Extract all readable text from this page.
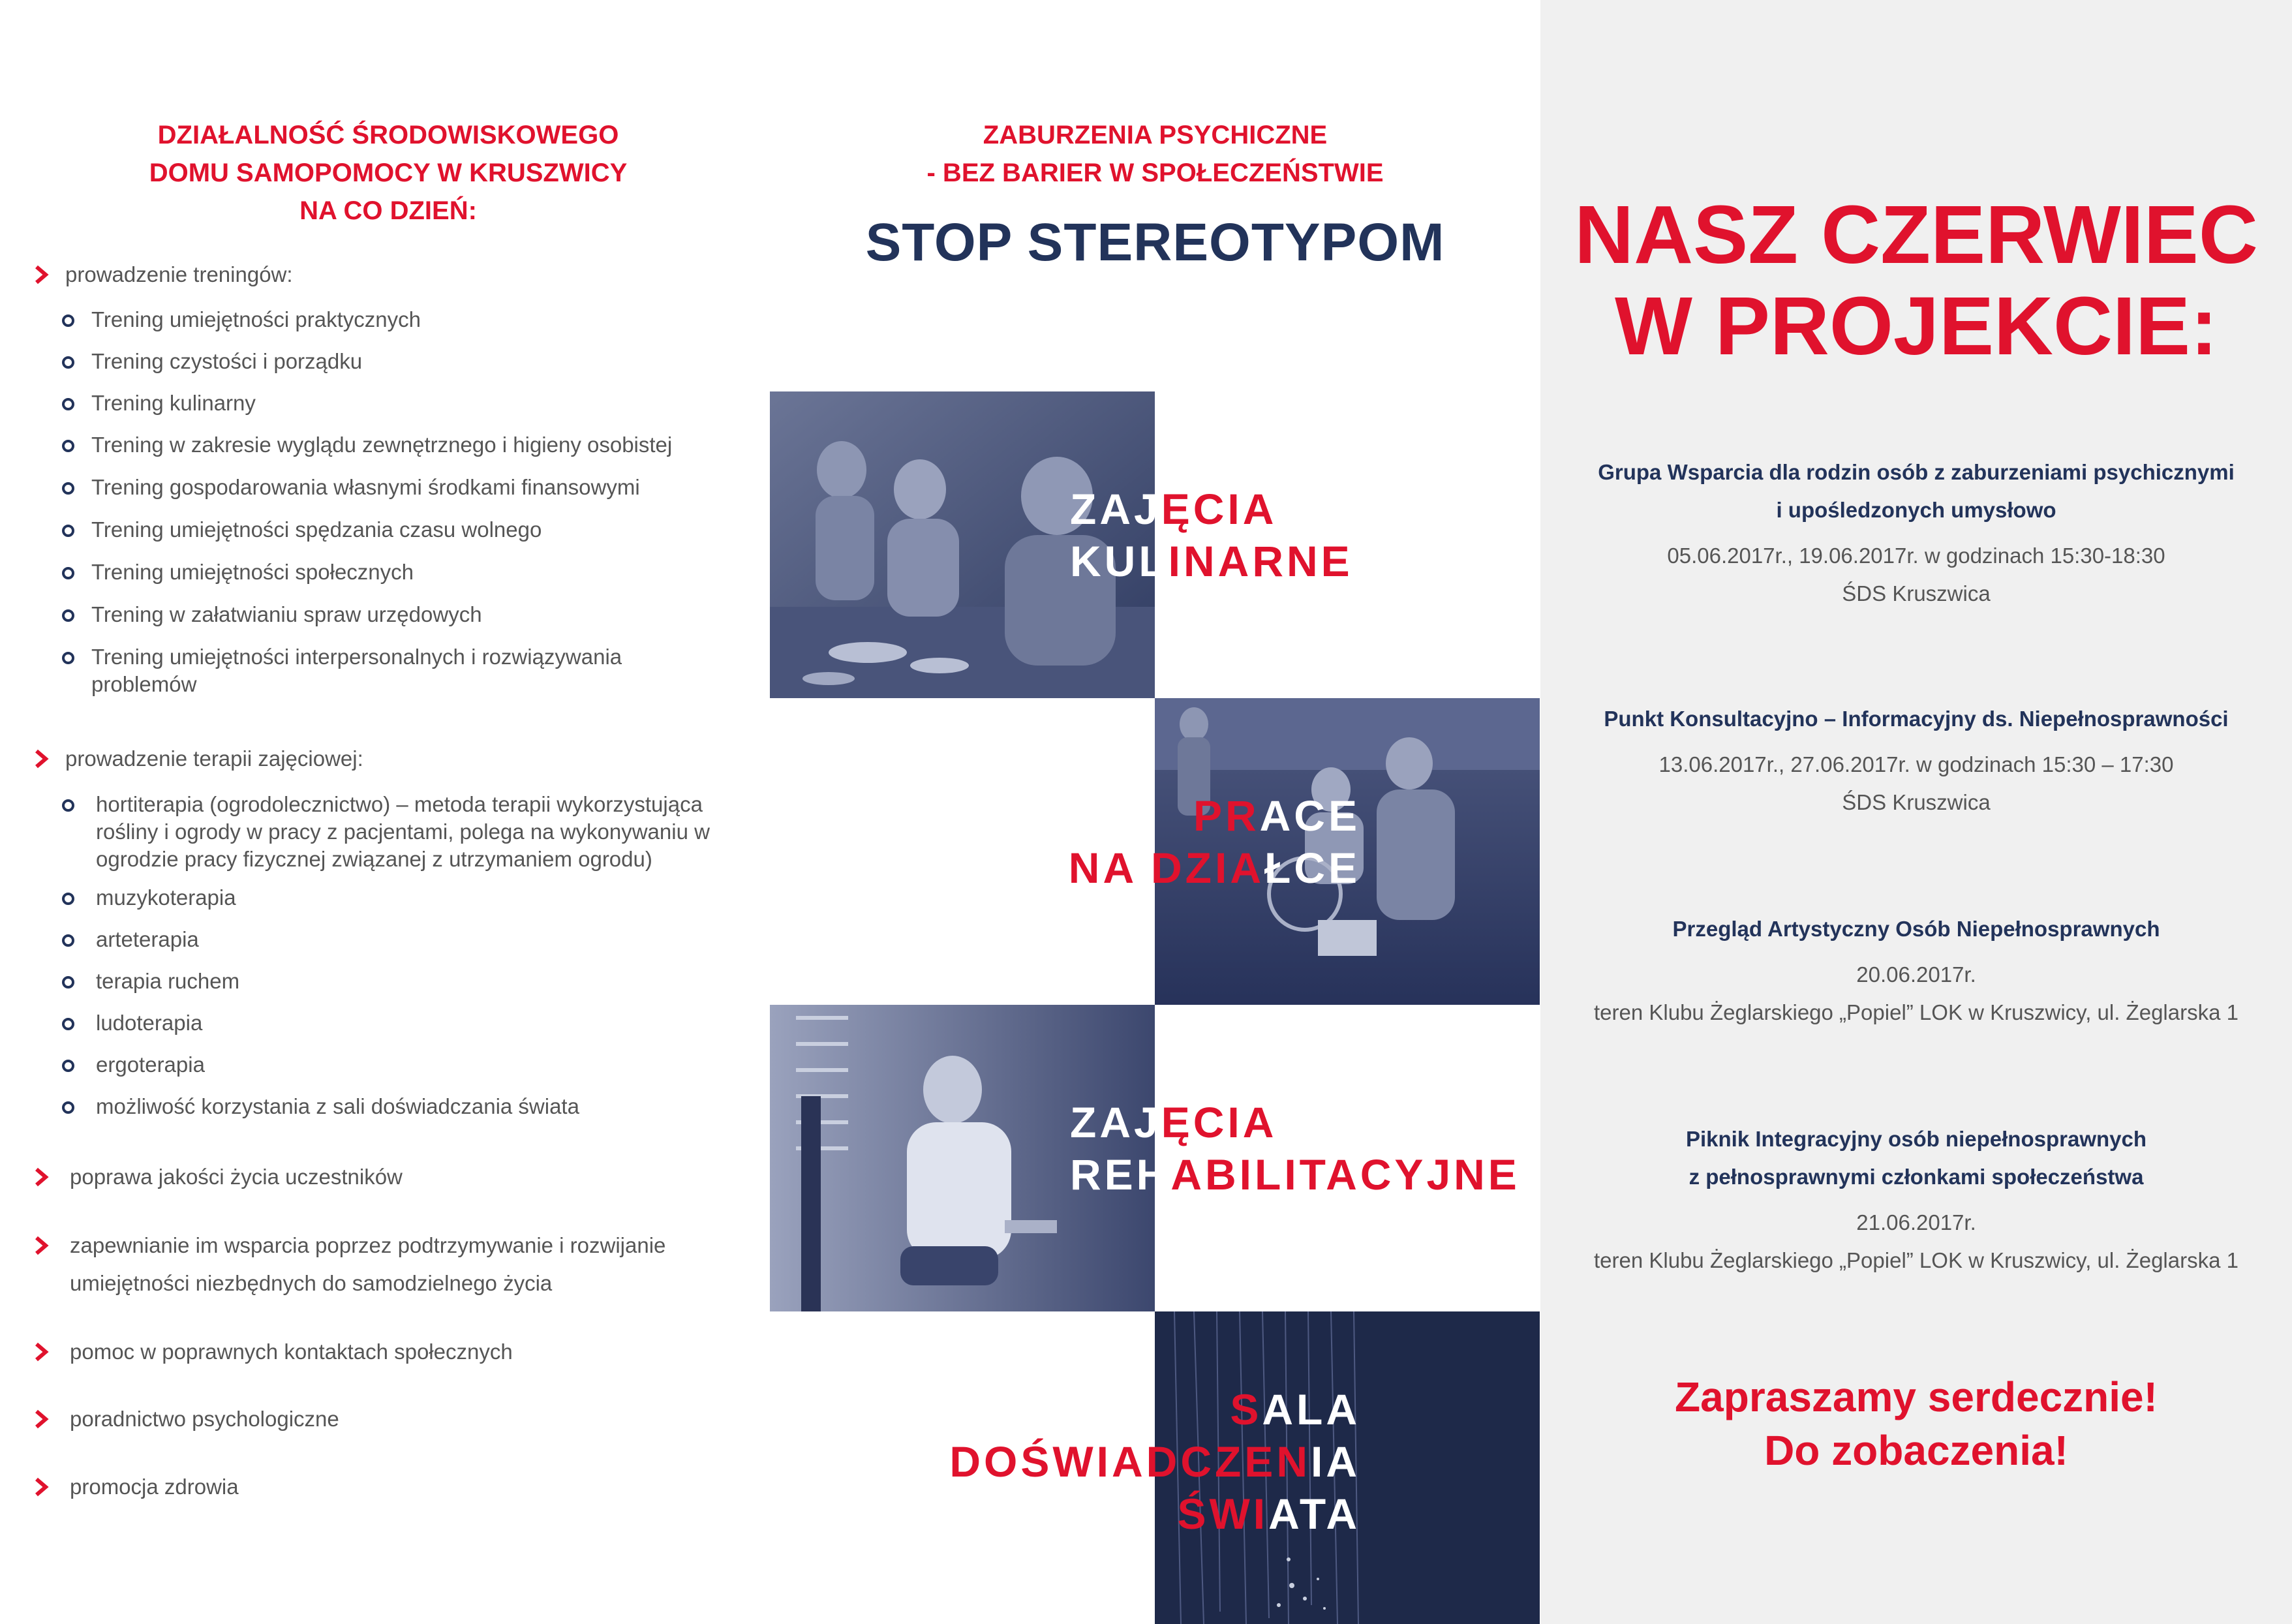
DZIAŁALNOŚĆ ŚRODOWISKOWEGO
DOMU SAMOPOMOCY W KRUSZWICY
NA CO DZIEŃ:
prowadzenie treningów:
Trening umiejętności praktycznych
Trening czystości i porządku
Trening kulinarny
Trening w zakresie wyglądu zewnętrznego i higieny osobistej
Trening gospodarowania własnymi środkami finansowymi
Trening umiejętności spędzania czasu wolnego
Trening umiejętności społecznych
Trening w załatwianiu spraw urzędowych
Trening umiejętności interpersonalnych i rozwiązywania problemów
prowadzenie terapii zajęciowej:
hortiterapia (ogrodolecznictwo) – metoda terapii wykorzystująca rośliny i ogrody w pracy z pacjentami, polega na wykonywaniu w ogrodzie pracy fizycznej związanej z utrzymaniem ogrodu)
muzykoterapia
arteterapia
terapia ruchem
ludoterapia
ergoterapia
możliwość korzystania z sali doświadczania świata
poprawa jakości życia uczestników
zapewnianie im wsparcia poprzez podtrzymywanie i rozwijanie umiejętności niezbędnych do samodzielnego życia
pomoc w poprawnych kontaktach społecznych
poradnictwo psychologiczne
promocja zdrowia
ZABURZENIA PSYCHICZNE
- BEZ BARIER W SPOŁECZEŃSTWIE
STOP STEREOTYPOM
ZAJĘCIA
KULINARNE
PRACE
NA DZIAŁCE
ZAJĘCIA
REHABILITACYJNE
SALA
DOŚWIADCZENIA
ŚWIATA
NASZ CZERWIEC
W PROJEKCIE:
Grupa Wsparcia dla rodzin osób z zaburzeniami psychicznymi
i upośledzonych umysłowo
05.06.2017r., 19.06.2017r. w godzinach 15:30-18:30
ŚDS Kruszwica
Punkt Konsultacyjno – Informacyjny ds. Niepełnosprawności
13.06.2017r., 27.06.2017r. w godzinach 15:30 – 17:30
ŚDS Kruszwica
Przegląd Artystyczny Osób Niepełnosprawnych
20.06.2017r.
teren Klubu Żeglarskiego „Popiel” LOK w Kruszwicy, ul. Żeglarska 1
Piknik Integracyjny osób niepełnosprawnych
z pełnosprawnymi członkami społeczeństwa
21.06.2017r.
teren Klubu Żeglarskiego „Popiel” LOK w Kruszwicy, ul. Żeglarska 1
Zapraszamy serdecznie!
Do zobaczenia!
